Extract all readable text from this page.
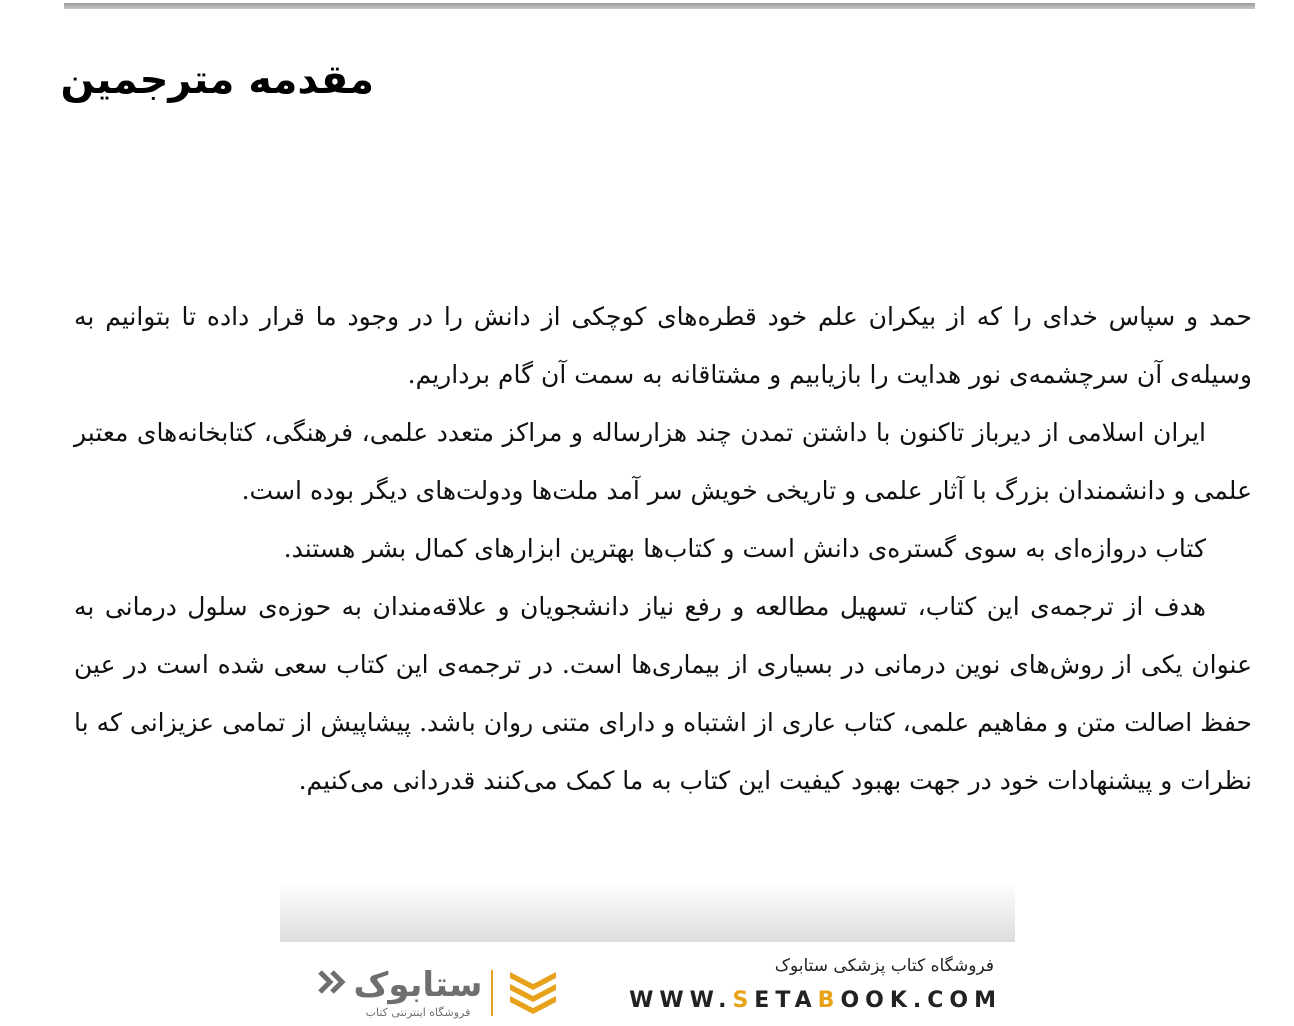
مقدمه مترجمین

حمد و سپاس خدای را که از بیکران علم خود قطره‌های کوچکی از دانش را در وجود ما قرار داده تا بتوانیم به وسیله‌ی آن سرچشمه‌ی نور هدایت را بازیابیم و مشتاقانه به سمت آن گام برداریم.

ایران اسلامی از دیرباز تاکنون با داشتن تمدن چند هزارساله و مراکز متعدد علمی، فرهنگی، کتابخانه‌های معتبر علمی و دانشمندان بزرگ با آثار علمی و تاریخی خویش سر آمد ملت‌ها ودولت‌های دیگر بوده است.

کتاب دروازه‌ای به سوی گستره‌ی دانش است و کتاب‌ها بهترین ابزارهای کمال بشر هستند.

هدف از ترجمه‌ی این کتاب، تسهیل مطالعه و رفع نیاز دانشجویان و علاقه‌مندان به حوزه‌ی سلول درمانی به عنوان یکی از روش‌های نوین درمانی در بسیاری از بیماری‌ها است. در ترجمه‌ی این کتاب سعی شده است در عین حفظ اصالت متن و مفاهیم علمی، کتاب عاری از اشتباه و دارای متنی روان باشد. پیشاپیش از تمامی عزیزانی که با نظرات و پیشنهادات خود در جهت بهبود کیفیت این کتاب به ما کمک می‌کنند قدردانی می‌کنیم.

ستابوک
فروشگاه اینترنتی کتاب
فروشگاه کتاب پزشکی ستابوک
WWW.SETABOOK.COM
